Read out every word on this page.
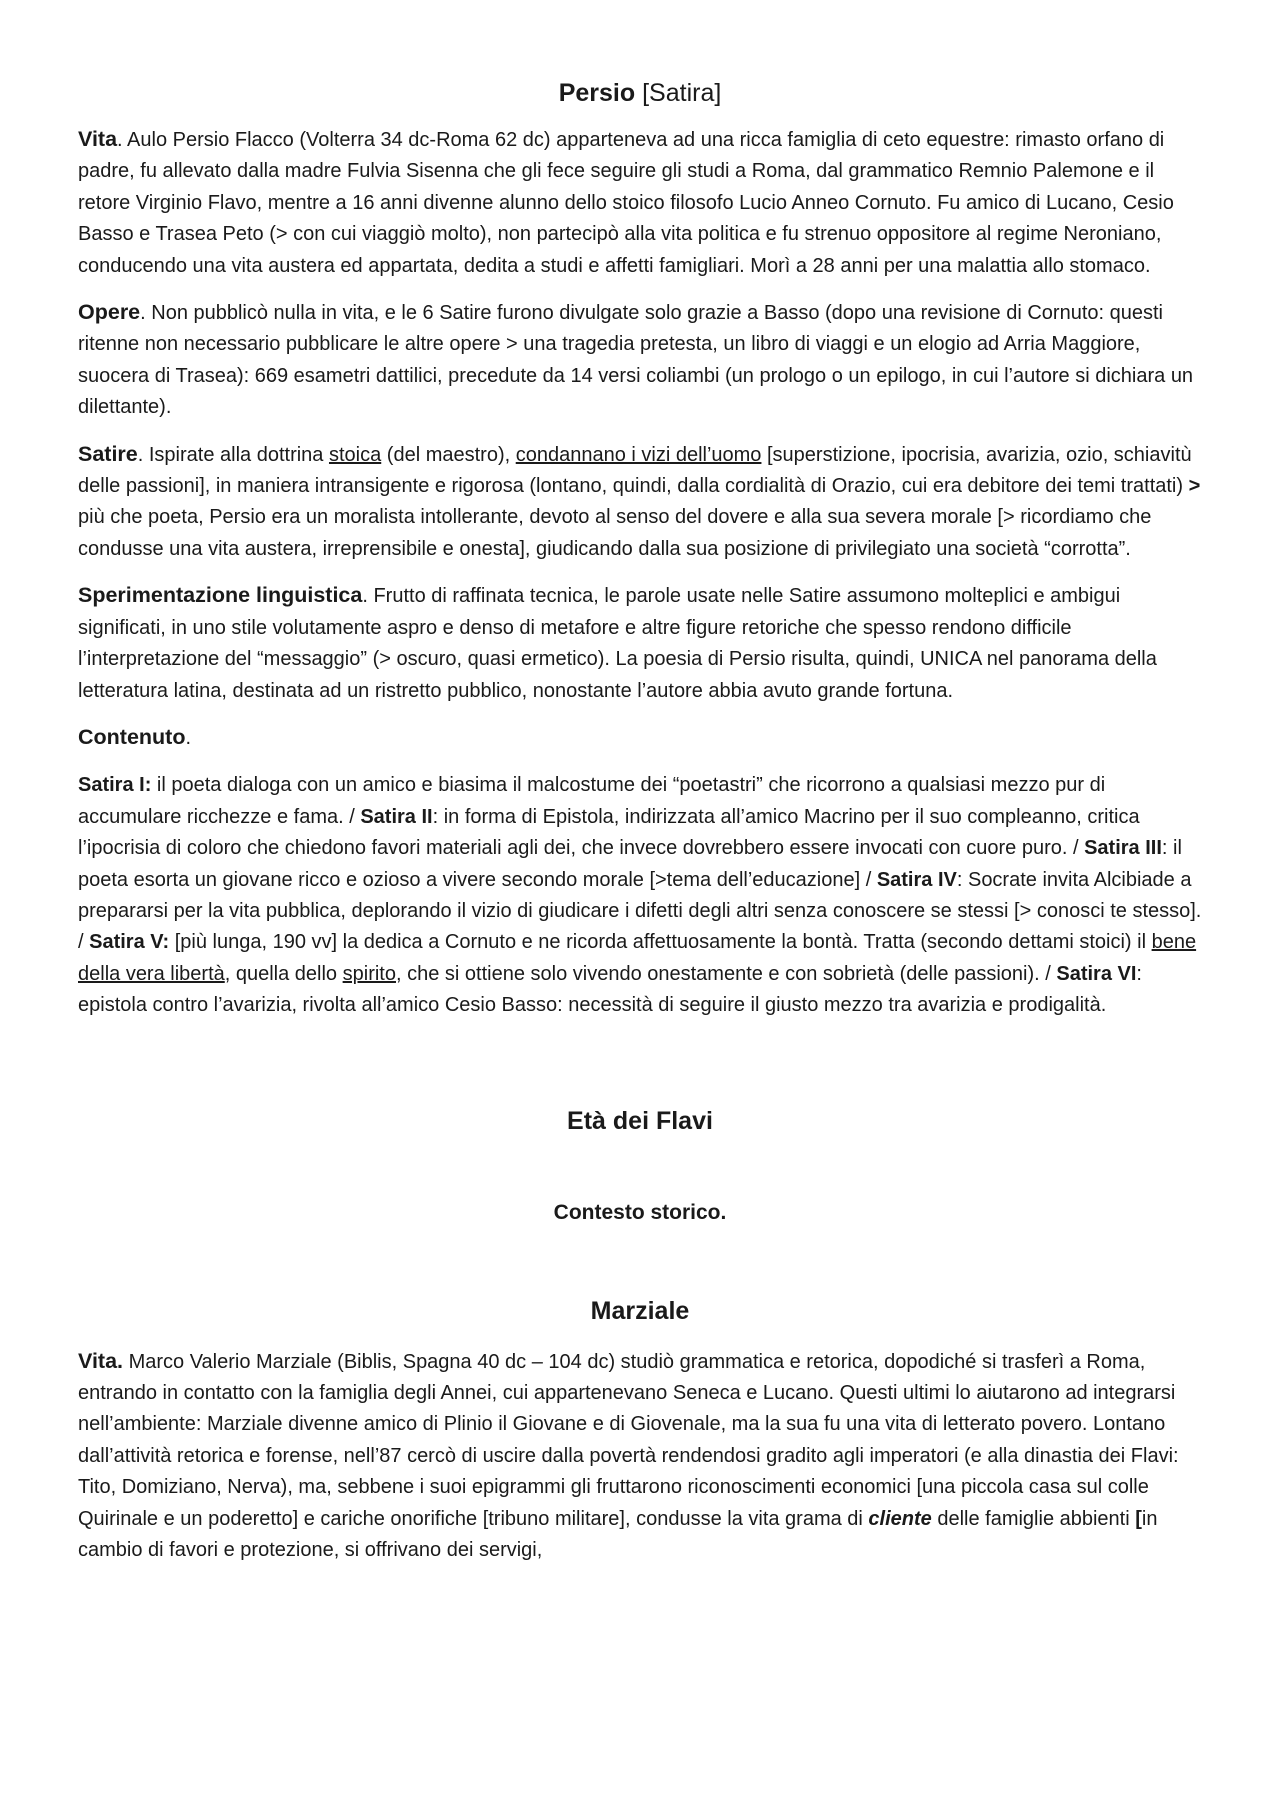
Persio [Satira]

Vita. Aulo Persio Flacco (Volterra 34 dc-Roma 62 dc) apparteneva ad una ricca famiglia di ceto equestre: rimasto orfano di padre, fu allevato dalla madre Fulvia Sisenna che gli fece seguire gli studi a Roma, dal grammatico Remnio Palemone e il retore Virginio Flavo, mentre a 16 anni divenne alunno dello stoico filosofo Lucio Anneo Cornuto. Fu amico di Lucano, Cesio Basso e Trasea Peto (> con cui viaggiò molto), non partecipò alla vita politica e fu strenuo oppositore al regime Neroniano, conducendo una vita austera ed appartata, dedita a studi e affetti famigliari. Morì a 28 anni per una malattia allo stomaco.

Opere. Non pubblicò nulla in vita, e le 6 Satire furono divulgate solo grazie a Basso (dopo una revisione di Cornuto: questi ritenne non necessario pubblicare le altre opere > una tragedia pretesta, un libro di viaggi e un elogio ad Arria Maggiore, suocera di Trasea): 669 esametri dattilici, precedute da 14 versi coliambi (un prologo o un epilogo, in cui l’autore si dichiara un dilettante).

Satire. Ispirate alla dottrina stoica (del maestro), condannano i vizi dell’uomo [superstizione, ipocrisia, avarizia, ozio, schiavitù delle passioni], in maniera intransigente e rigorosa (lontano, quindi, dalla cordialità di Orazio, cui era debitore dei temi trattati) > più che poeta, Persio era un moralista intollerante, devoto al senso del dovere e alla sua severa morale [> ricordiamo che condusse una vita austera, irreprensibile e onesta], giudicando dalla sua posizione di privilegiato una società “corrotta”.

Sperimentazione linguistica. Frutto di raffinata tecnica, le parole usate nelle Satire assumono molteplici e ambigui significati, in uno stile volutamente aspro e denso di metafore e altre figure retoriche che spesso rendono difficile l’interpretazione del “messaggio” (> oscuro, quasi ermetico). La poesia di Persio risulta, quindi, UNICA nel panorama della letteratura latina, destinata ad un ristretto pubblico, nonostante l’autore abbia avuto grande fortuna.

Contenuto.

Satira I: il poeta dialoga con un amico e biasima il malcostume dei “poetastri” che ricorrono a qualsiasi mezzo pur di accumulare ricchezze e fama. / Satira II: in forma di Epistola, indirizzata all’amico Macrino per il suo compleanno, critica l’ipocrisia di coloro che chiedono favori materiali agli dei, che invece dovrebbero essere invocati con cuore puro. / Satira III: il poeta esorta un giovane ricco e ozioso a vivere secondo morale [>tema dell’educazione] / Satira IV: Socrate invita Alcibiade a prepararsi per la vita pubblica, deplorando il vizio di giudicare i difetti degli altri senza conoscere se stessi [> conosci te stesso]. / Satira V: [più lunga, 190 vv] la dedica a Cornuto e ne ricorda affettuosamente la bontà. Tratta (secondo dettami stoici) il bene della vera libertà, quella dello spirito, che si ottiene solo vivendo onestamente e con sobrietà (delle passioni). / Satira VI: epistola contro l’avarizia, rivolta all’amico Cesio Basso: necessità di seguire il giusto mezzo tra avarizia e prodigalità.

Età dei Flavi
Contesto storico.
Marziale

Vita. Marco Valerio Marziale (Biblis, Spagna 40 dc – 104 dc) studiò grammatica e retorica, dopodiché si trasferì a Roma, entrando in contatto con la famiglia degli Annei, cui appartenevano Seneca e Lucano. Questi ultimi lo aiutarono ad integrarsi nell’ambiente: Marziale divenne amico di Plinio il Giovane e di Giovenale, ma la sua fu una vita di letterato povero. Lontano dall’attività retorica e forense, nell’87 cercò di uscire dalla povertà rendendosi gradito agli imperatori (e alla dinastia dei Flavi: Tito, Domiziano, Nerva), ma, sebbene i suoi epigrammi gli fruttarono riconoscimenti economici [una piccola casa sul colle Quirinale e un poderetto] e cariche onorifiche [tribuno militare], condusse la vita grama di cliente delle famiglie abbienti [in cambio di favori e protezione, si offrivano dei servigi,
